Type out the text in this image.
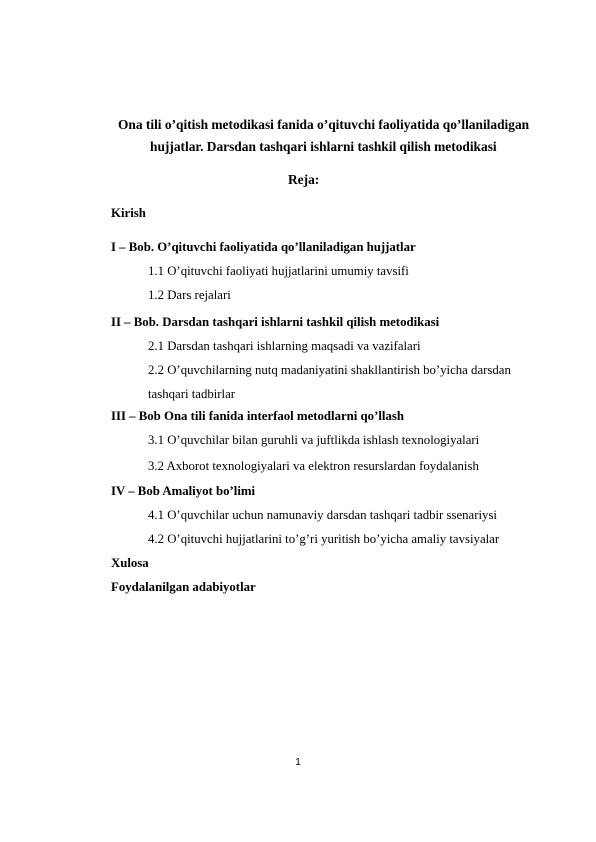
Ona tili o’qitish metodikasi fanida o’qituvchi faoliyatida qo’llaniladigan
hujjatlar. Darsdan tashqari ishlarni tashkil qilish metodikasi
Reja:
Kirish
I – Bob. O’qituvchi faoliyatida qo’llaniladigan hujjatlar
1.1 O’qituvchi faoliyati hujjatlarini umumiy tavsifi
1.2 Dars rejalari
II – Bob. Darsdan tashqari ishlarni tashkil qilish metodikasi
2.1 Darsdan tashqari ishlarning maqsadi va vazifalari
2.2 O’quvchilarning nutq madaniyatini shakllantirish bo’yicha darsdan
tashqari tadbirlar
III – Bob Ona tili fanida interfaol metodlarni qo’llash
3.1 O’quvchilar bilan guruhli va juftlikda ishlash texnologiyalari
3.2 Axborot texnologiyalari va elektron resurslardan foydalanish
IV – Bob Amaliyot bo’limi
4.1 O’quvchilar uchun namunaviy darsdan tashqari tadbir ssenariysi
4.2 O’qituvchi hujjatlarini to’g’ri yuritish bo’yicha amaliy tavsiyalar
Xulosa
Foydalanilgan adabiyotlar
1
